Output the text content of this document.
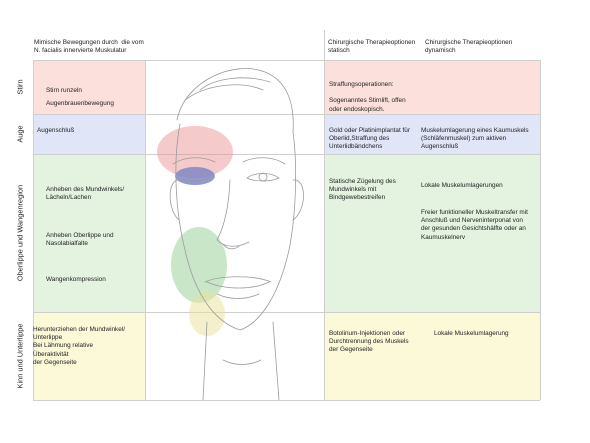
Mimische Bewegungen durch  die vom
N. facialis innervierte Muskulatur
Chirurgische Therapieoptionen
statisch
Chirurgische Therapieoptionen
dynamisch
Stirn
Auge
Oberlippe und Wangenregion
Kinn und Unterlippe
Stirn runzeln
Augenbrauenbewegung
Straffungsoperationen:

Sogenanntes Stirnlift, offen
oder endoskopisch.
Augenschluß	Gold oder Platinimplantat für
Oberlid,Straffung des
Unterlidbändchens
Muskelumlagerung eines Kaumuskels
(Schläfenmuskel) zum aktiven
Augenschluß
Anheben des Mundwinkels/
Lächeln/Lachen
Anheben Oberlippe und
Nasolabialfalte
Wangenkompression
Statische Zügelung des
Mundwinkels mit
Bindgewebestreifen
Lokale Muskelumlagerungen
Freier funktioneller Muskeltransfer mit
Anschluß und Nerveninterponat von
der gesunden Gesichtshälfte oder an
Kaumuskelnerv
Herunterziehen der Mundwinkel/
Unterlippe
Bei Lähmung relative
Überaktivität
der Gegenseite
Botolinum-Injektionen oder
Durchtrennung des Muskels
der Gegenseite
Lokale Muskelumlagerung
